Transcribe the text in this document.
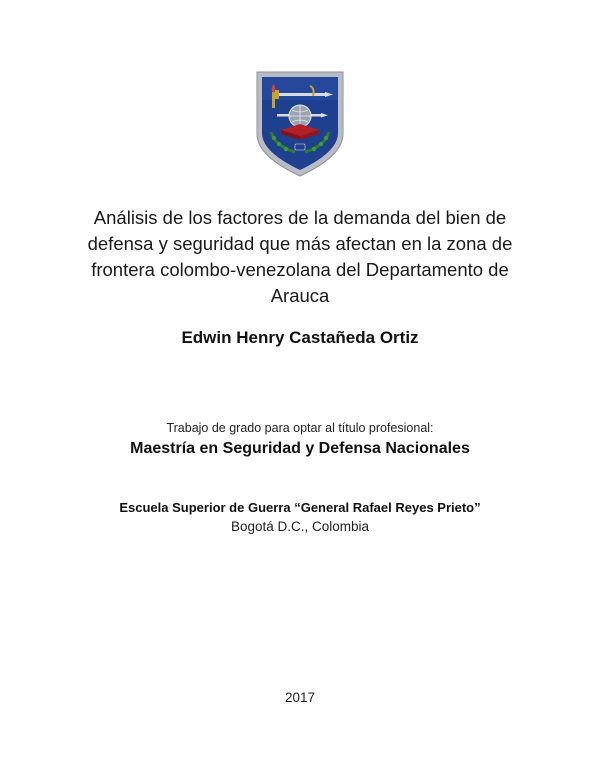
Análisis de los factores de la demanda del bien de
defensa y seguridad que más afectan en la zona de
frontera colombo-venezolana del Departamento de
Arauca
Edwin Henry Castañeda Ortiz
Trabajo de grado para optar al título profesional:
Maestría en Seguridad y Defensa Nacionales
Escuela Superior de Guerra “General Rafael Reyes Prieto”
Bogotá D.C., Colombia
2017
